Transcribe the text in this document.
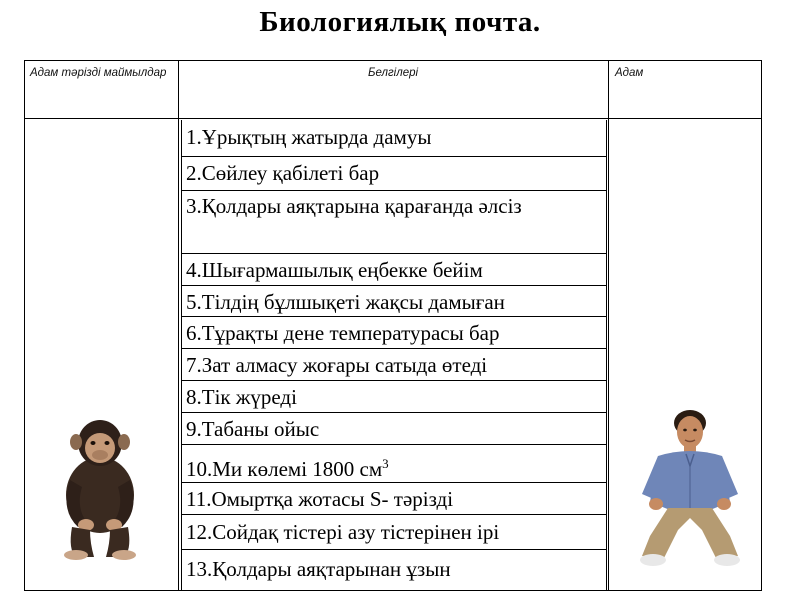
Биологиялық почта.
Адам тәрізді маймылдар	Белгілері	Адам
1.Ұрықтың жатырда дамуы
2.Сөйлеу қабілеті бар
3.Қолдары аяқтарына қарағанда әлсіз
4.Шығармашылық еңбекке бейім
5.Тілдің бұлшықеті жақсы дамыған
6.Тұрақты дене температурасы бар
7.Зат алмасу жоғары сатыда өтеді
8.Тік жүреді
9.Табаны ойыс
10.Ми көлемі 1800 $см^3$
11.Омыртқа жотасы S- тәрізді
12.Сойдақ тістері азу тістерінен ірі
13.Қолдары аяқтарынан ұзын
